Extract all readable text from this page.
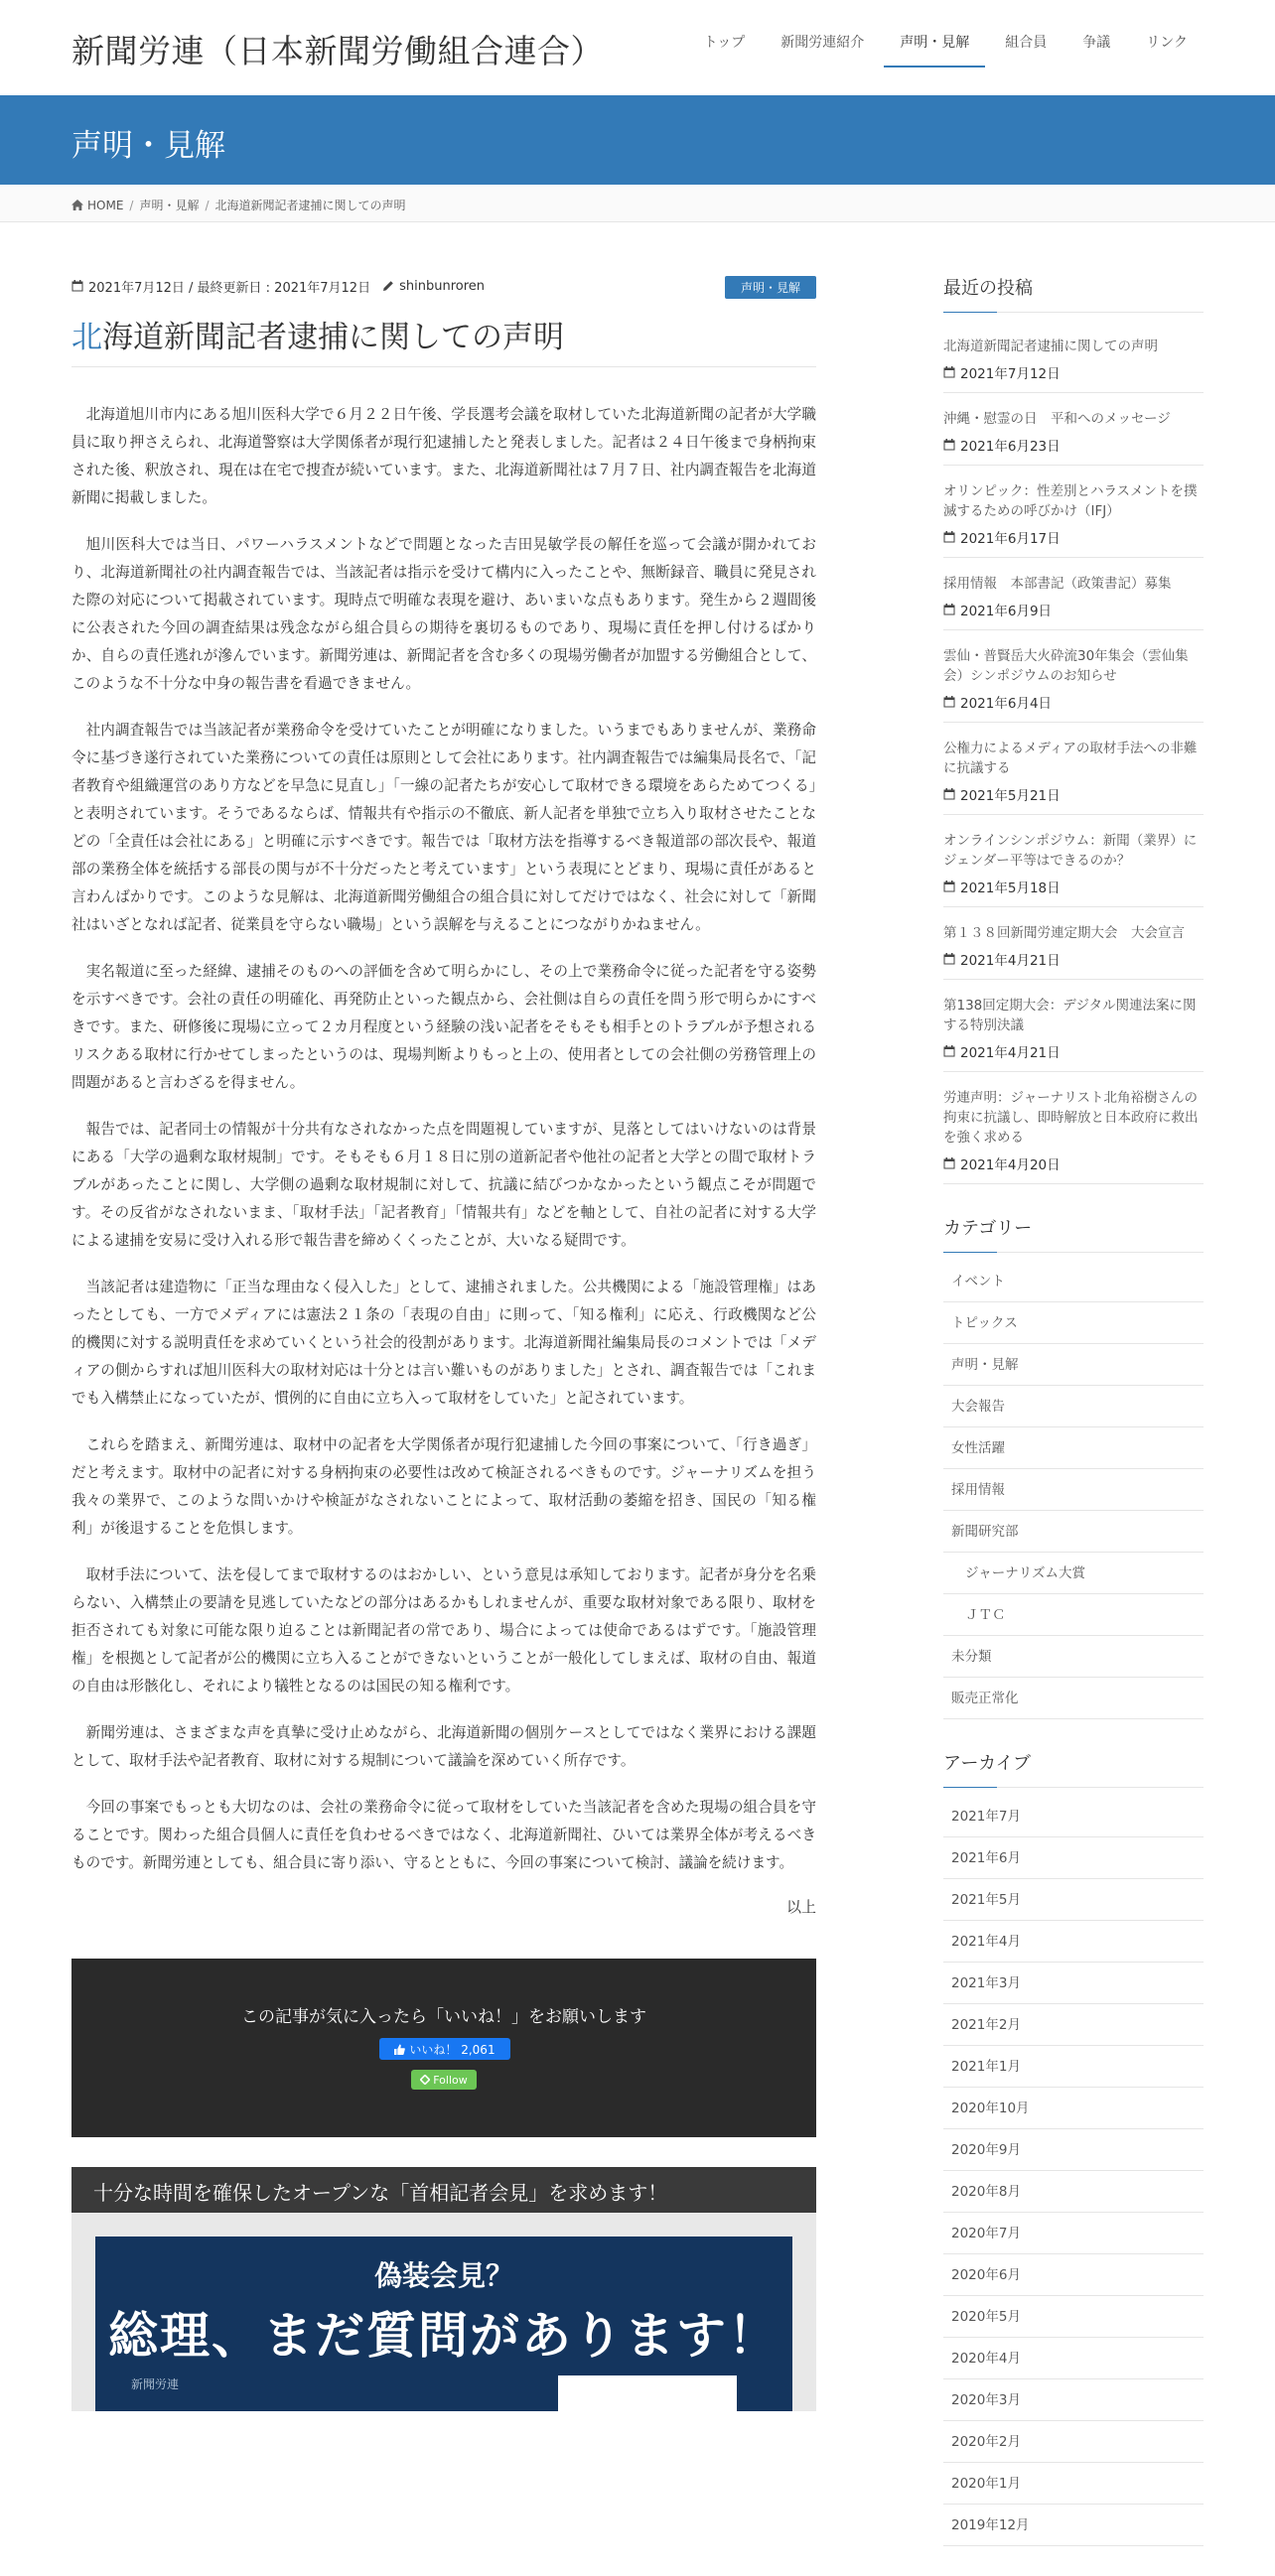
新聞労連（日本新聞労働組合連合）	トップ	新聞労連紹介	声明・見解	組合員	争議	リンク
声明・見解
HOME / 声明・見解 / 北海道新聞記者逮捕に関しての声明
2021年7月12日 / 最終更新日 : 2021年7月12日 shinbunroren	声明・見解
北海道新聞記者逮捕に関しての声明

北海道旭川市内にある旭川医科大学で６月２２日午後、学長選考会議を取材していた北海道新聞の記者が大学職員に取り押さえられ、北海道警察は大学関係者が現行犯逮捕したと発表しました。記者は２４日午後まで身柄拘束された後、釈放され、現在は在宅で捜査が続いています。また、北海道新聞社は７月７日、社内調査報告を北海道新聞に掲載しました。

旭川医科大では当日、パワーハラスメントなどで問題となった吉田晃敏学長の解任を巡って会議が開かれており、北海道新聞社の社内調査報告では、当該記者は指示を受けて構内に入ったことや、無断録音、職員に発見された際の対応について掲載されています。現時点で明確な表現を避け、あいまいな点もあります。発生から２週間後に公表された今回の調査結果は残念ながら組合員らの期待を裏切るものであり、現場に責任を押し付けるばかりか、自らの責任逃れが滲んでいます。新聞労連は、新聞記者を含む多くの現場労働者が加盟する労働組合として、このような不十分な中身の報告書を看過できません。

社内調査報告では当該記者が業務命令を受けていたことが明確になりました。いうまでもありませんが、業務命令に基づき遂行されていた業務についての責任は原則として会社にあります。社内調査報告では編集局長名で、「記者教育や組織運営のあり方などを早急に見直し」「一線の記者たちが安心して取材できる環境をあらためてつくる」と表明されています。そうであるならば、情報共有や指示の不徹底、新人記者を単独で立ち入り取材させたことなどの「全責任は会社にある」と明確に示すべきです。報告では「取材方法を指導するべき報道部の部次長や、報道部の業務全体を統括する部長の関与が不十分だったと考えています」という表現にとどまり、現場に責任があると言わんばかりです。このような見解は、北海道新聞労働組合の組合員に対してだけではなく、社会に対して「新聞社はいざとなれば記者、従業員を守らない職場」という誤解を与えることにつながりかねません。

実名報道に至った経緯、逮捕そのものへの評価を含めて明らかにし、その上で業務命令に従った記者を守る姿勢を示すべきです。会社の責任の明確化、再発防止といった観点から、会社側は自らの責任を問う形で明らかにすべきです。また、研修後に現場に立って２カ月程度という経験の浅い記者をそもそも相手とのトラブルが予想されるリスクある取材に行かせてしまったというのは、現場判断よりもっと上の、使用者としての会社側の労務管理上の問題があると言わざるを得ません。

報告では、記者同士の情報が十分共有なされなかった点を問題視していますが、見落としてはいけないのは背景にある「大学の過剰な取材規制」です。そもそも６月１８日に別の道新記者や他社の記者と大学との間で取材トラブルがあったことに関し、大学側の過剰な取材規制に対して、抗議に結びつかなかったという観点こそが問題です。その反省がなされないまま、「取材手法」「記者教育」「情報共有」などを軸として、自社の記者に対する大学による逮捕を安易に受け入れる形で報告書を締めくくったことが、大いなる疑問です。

当該記者は建造物に「正当な理由なく侵入した」として、逮捕されました。公共機関による「施設管理権」はあったとしても、一方でメディアには憲法２１条の「表現の自由」に則って、「知る権利」に応え、行政機関など公的機関に対する説明責任を求めていくという社会的役割があります。北海道新聞社編集局長のコメントでは「メディアの側からすれば旭川医科大の取材対応は十分とは言い難いものがありました」とされ、調査報告では「これまでも入構禁止になっていたが、慣例的に自由に立ち入って取材をしていた」と記されています。

これらを踏まえ、新聞労連は、取材中の記者を大学関係者が現行犯逮捕した今回の事案について、「行き過ぎ」だと考えます。取材中の記者に対する身柄拘束の必要性は改めて検証されるべきものです。ジャーナリズムを担う我々の業界で、このような問いかけや検証がなされないことによって、取材活動の萎縮を招き、国民の「知る権利」が後退することを危惧します。

取材手法について、法を侵してまで取材するのはおかしい、という意見は承知しております。記者が身分を名乗らない、入構禁止の要請を見逃していたなどの部分はあるかもしれませんが、重要な取材対象である限り、取材を拒否されても対象に可能な限り迫ることは新聞記者の常であり、場合によっては使命であるはずです。「施設管理権」を根拠として記者が公的機関に立ち入ることができないということが一般化してしまえば、取材の自由、報道の自由は形骸化し、それにより犠牲となるのは国民の知る権利です。

新聞労連は、さまざまな声を真摯に受け止めながら、北海道新聞の個別ケースとしてではなく業界における課題として、取材手法や記者教育、取材に対する規制について議論を深めていく所存です。

今回の事案でもっとも大切なのは、会社の業務命令に従って取材をしていた当該記者を含めた現場の組合員を守ることです。関わった組合員個人に責任を負わせるべきではなく、北海道新聞社、ひいては業界全体が考えるべきものです。新聞労連としても、組合員に寄り添い、守るとともに、今回の事案について検討、議論を続けます。

以上
この記事が気に入ったら「いいね！」をお願いします
いいね！ 2,061
Follow
十分な時間を確保したオープンな「首相記者会見」を求めます！
偽装会見？
総理、まだ質問があります！
新聞労連
最近の投稿
北海道新聞記者逮捕に関しての声明
2021年7月12日
沖縄・慰霊の日　平和へのメッセージ
2021年6月23日
オリンピック：性差別とハラスメントを撲滅するための呼びかけ（IFJ）
2021年6月17日
採用情報　本部書記（政策書記）募集
2021年6月9日
雲仙・普賢岳大火砕流30年集会（雲仙集会）シンポジウムのお知らせ
2021年6月4日
公権力によるメディアの取材手法への非難に抗議する
2021年5月21日
オンラインシンポジウム：新聞（業界）にジェンダー平等はできるのか？
2021年5月18日
第１３８回新聞労連定期大会　大会宣言
2021年4月21日
第138回定期大会：デジタル関連法案に関する特別決議
2021年4月21日
労連声明：ジャーナリスト北角裕樹さんの拘束に抗議し、即時解放と日本政府に救出を強く求める
2021年4月20日
カテゴリー
イベント
トピックス
声明・見解
大会報告
女性活躍
採用情報
新聞研究部
ジャーナリズム大賞
ＪＴＣ
未分類
販売正常化
アーカイブ
2021年7月
2021年6月
2021年5月
2021年4月
2021年3月
2021年2月
2021年1月
2020年10月
2020年9月
2020年8月
2020年7月
2020年6月
2020年5月
2020年4月
2020年3月
2020年2月
2020年1月
2019年12月
